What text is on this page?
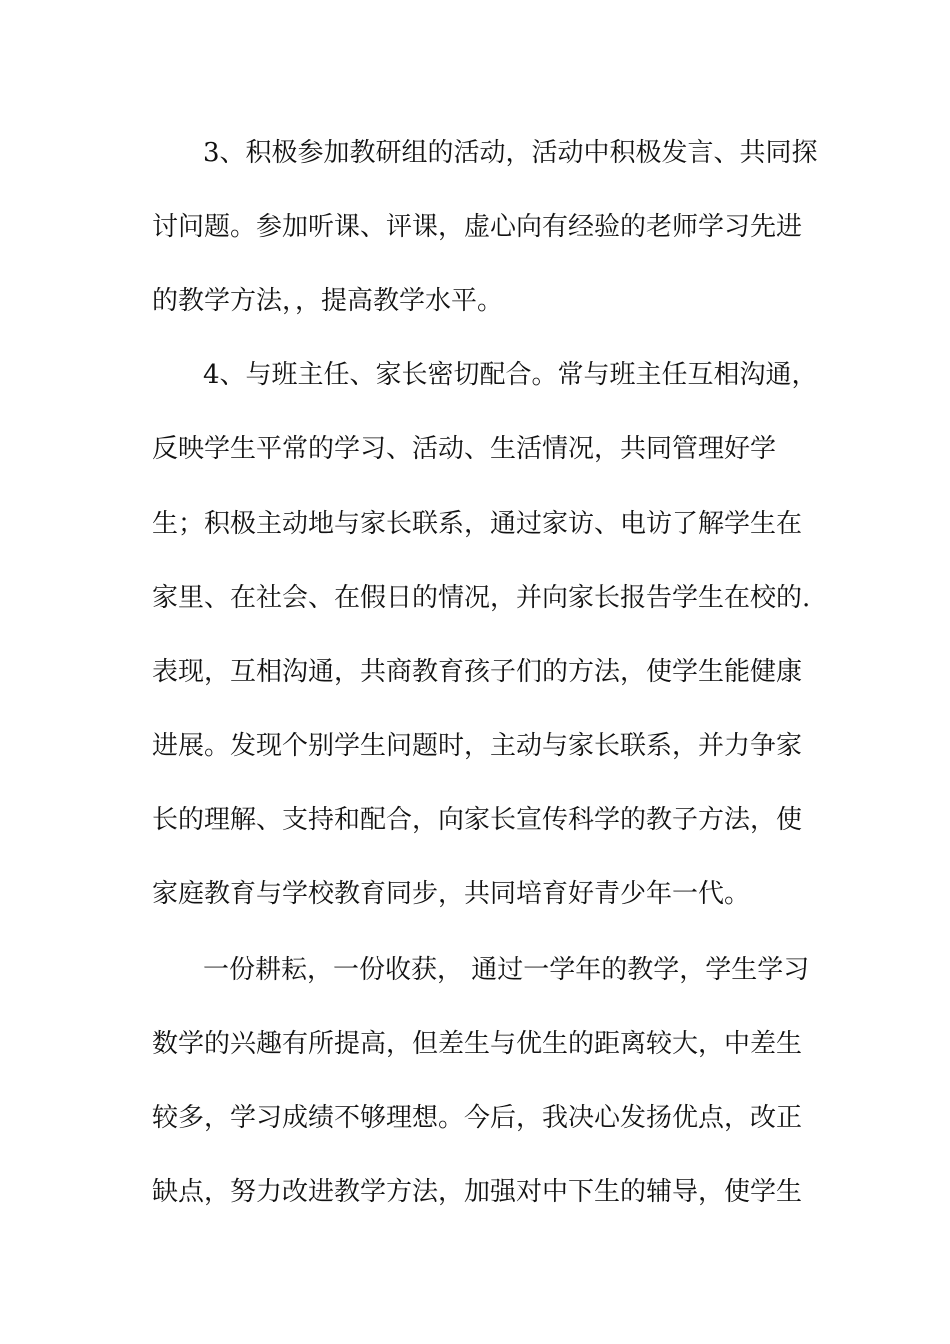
3、积极参加教研组的活动，活动中积极发言、共同探
讨问题。参加听课、评课，虚心向有经验的老师学习先进
的教学方法，，提高教学水平。
4、与班主任、家长密切配合。常与班主任互相沟通，
反映学生平常的学习、活动、生活情况，共同管理好学
生；积极主动地与家长联系，通过家访、电访了解学生在
家里、在社会、在假日的情况，并向家长报告学生在校的.
表现，互相沟通，共商教育孩子们的方法，使学生能健康
进展。发现个别学生问题时，主动与家长联系，并力争家
长的理解、支持和配合，向家长宣传科学的教子方法，使
家庭教育与学校教育同步，共同培育好青少年一代。
一份耕耘，一份收获， 通过一学年的教学，学生学习
数学的兴趣有所提高，但差生与优生的距离较大，中差生
较多，学习成绩不够理想。今后，我决心发扬优点，改正
缺点，努力改进教学方法，加强对中下生的辅导，使学生
